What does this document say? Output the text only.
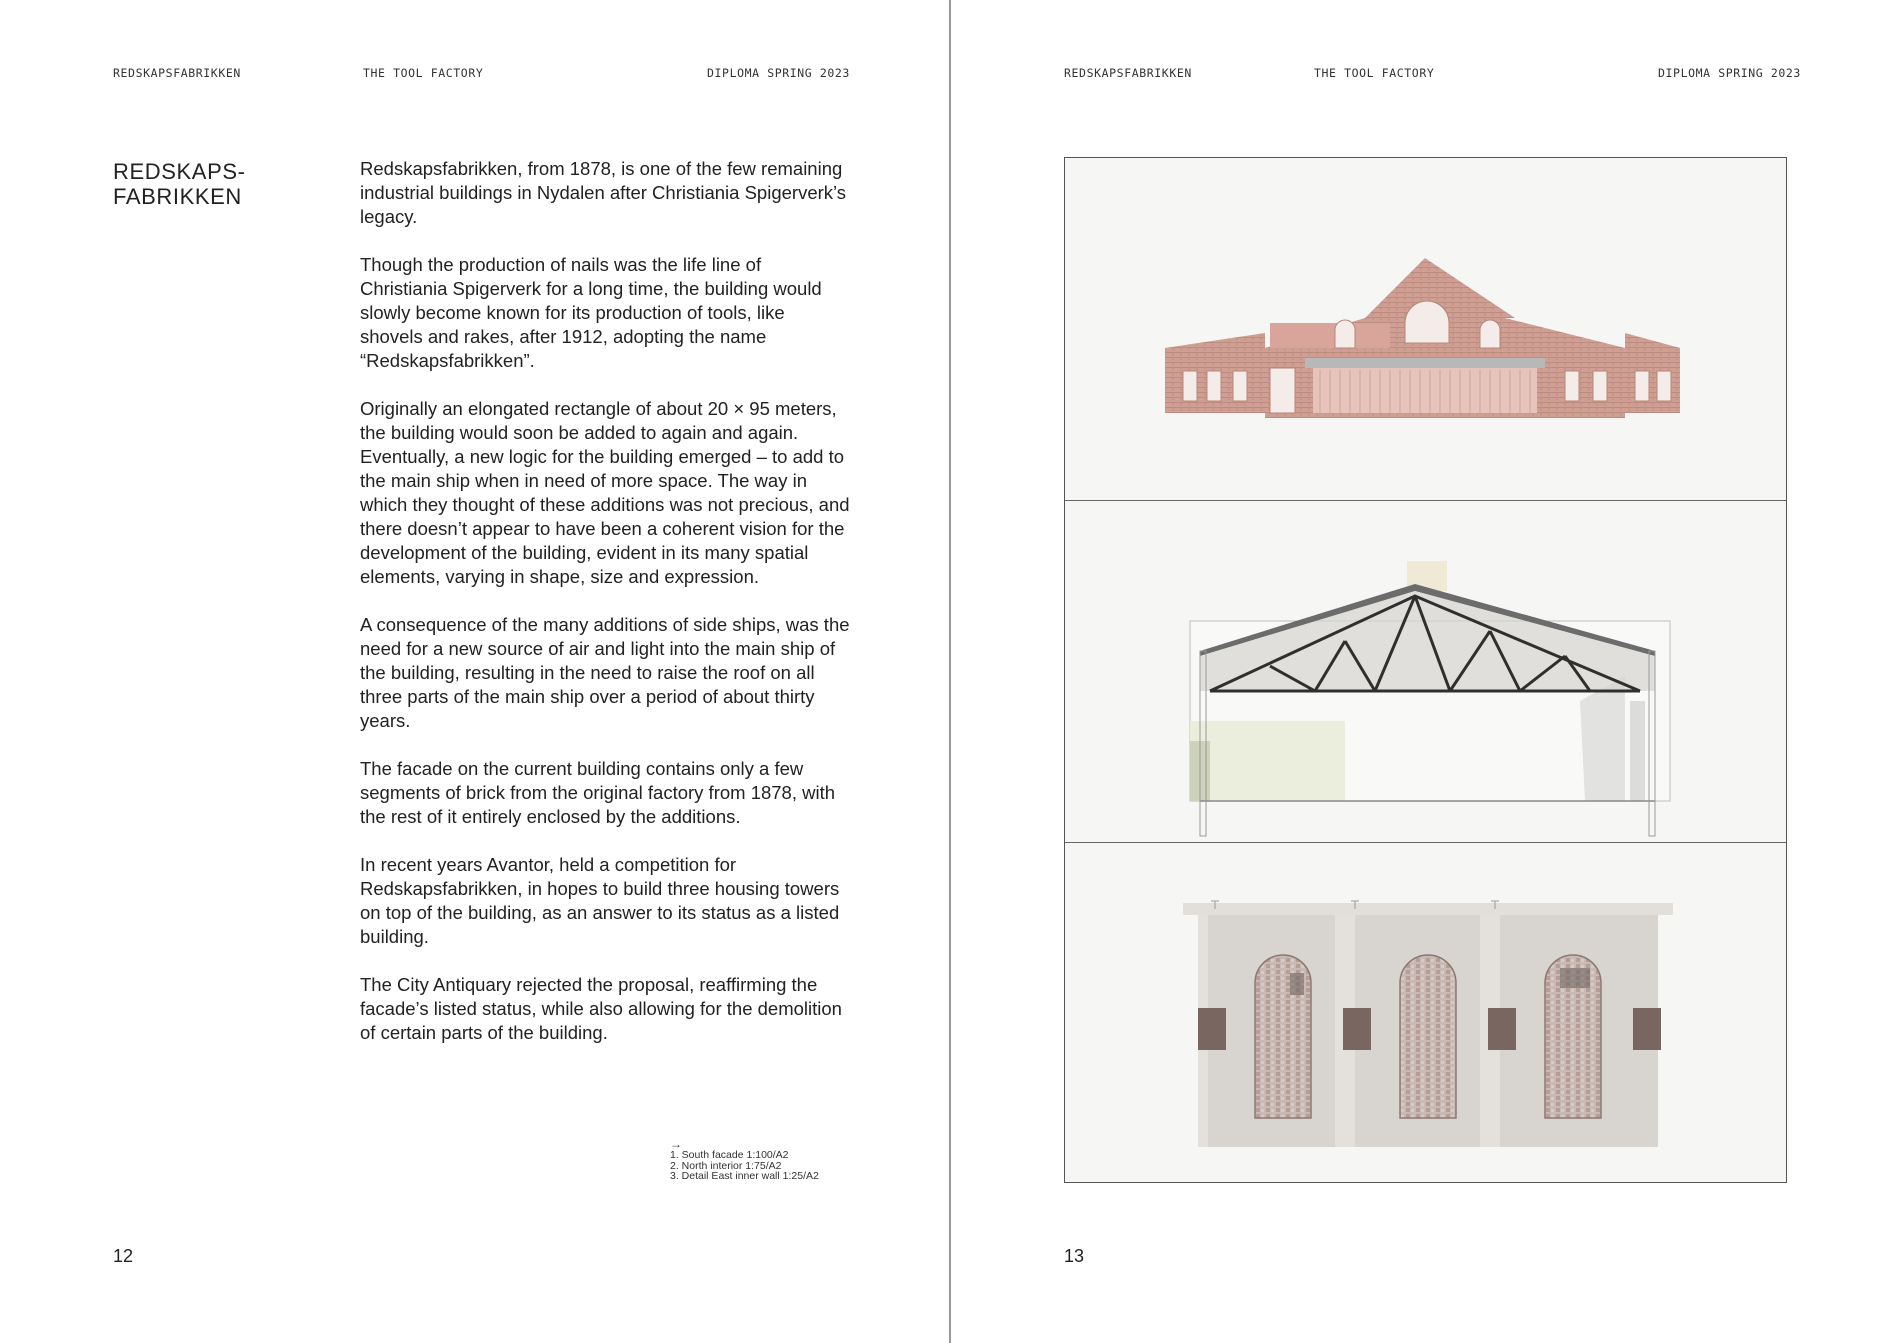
REDSKAPSFABRIKKEN	THE TOOL FACTORY	DIPLOMA SPRING 2023
REDSKAPS-
FABRIKKEN

Redskapsfabrikken, from 1878, is one of the few remaining industrial buildings in Nydalen after Christiania Spigerverk’s legacy.

Though the production of nails was the life line of Christiania Spigerverk for a long time, the building would slowly become known for its production of tools, like shovels and rakes, after 1912, adopting the name “Redskapsfabrikken”.

Originally an elongated rectangle of about 20 × 95 meters, the building would soon be added to again and again. Eventually, a new logic for the building emerged – to add to the main ship when in need of more space. The way in which they thought of these additions was not precious, and there doesn’t appear to have been a coherent vision for the development of the building, evident in its many spatial elements, varying in shape, size and expression.

A consequence of the many additions of side ships, was the need for a new source of air and light into the main ship of the building, resulting in the need to raise the roof on all three parts of the main ship over a period of about thirty years.

The facade on the current building contains only a few segments of brick from the original factory from 1878, with the rest of it entirely enclosed by the additions.

In recent years Avantor, held a competition for Redskapsfabrikken, in hopes to build three housing towers on top of the building, as an answer to its status as a listed building.

The City Antiquary rejected the proposal, reaffirming the facade’s listed status, while also allowing for the demolition of certain parts of the building.

→
1. South facade 1:100/A2
2. North interior 1:75/A2
3. Detail East inner wall 1:25/A2
12
REDSKAPSFABRIKKEN	THE TOOL FACTORY	DIPLOMA SPRING 2023
13
